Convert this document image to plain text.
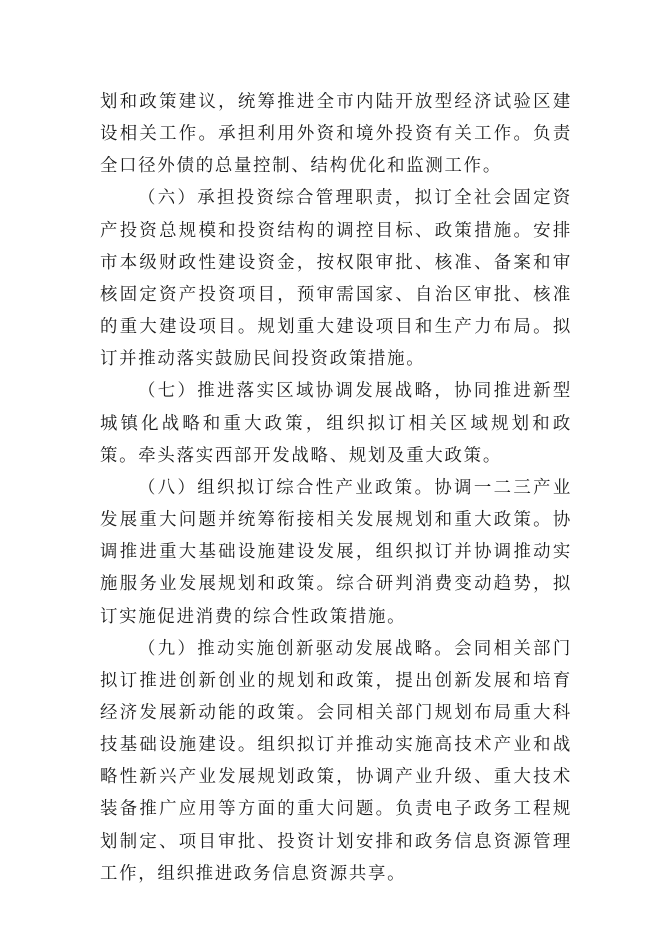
划和政策建议，统筹推进全市内陆开放型经济试验区建设相关工作。承担利用外资和境外投资有关工作。负责全口径外债的总量控制、结构优化和监测工作。

（六）承担投资综合管理职责，拟订全社会固定资产投资总规模和投资结构的调控目标、政策措施。安排市本级财政性建设资金，按权限审批、核准、备案和审核固定资产投资项目，预审需国家、自治区审批、核准的重大建设项目。规划重大建设项目和生产力布局。拟订并推动落实鼓励民间投资政策措施。

（七）推进落实区域协调发展战略，协同推进新型城镇化战略和重大政策，组织拟订相关区域规划和政策。牵头落实西部开发战略、规划及重大政策。

（八）组织拟订综合性产业政策。协调一二三产业发展重大问题并统筹衔接相关发展规划和重大政策。协调推进重大基础设施建设发展，组织拟订并协调推动实施服务业发展规划和政策。综合研判消费变动趋势，拟订实施促进消费的综合性政策措施。

（九）推动实施创新驱动发展战略。会同相关部门拟订推进创新创业的规划和政策，提出创新发展和培育经济发展新动能的政策。会同相关部门规划布局重大科技基础设施建设。组织拟订并推动实施高技术产业和战略性新兴产业发展规划政策，协调产业升级、重大技术装备推广应用等方面的重大问题。负责电子政务工程规划制定、项目审批、投资计划安排和政务信息资源管理工作，组织推进政务信息资源共享。
